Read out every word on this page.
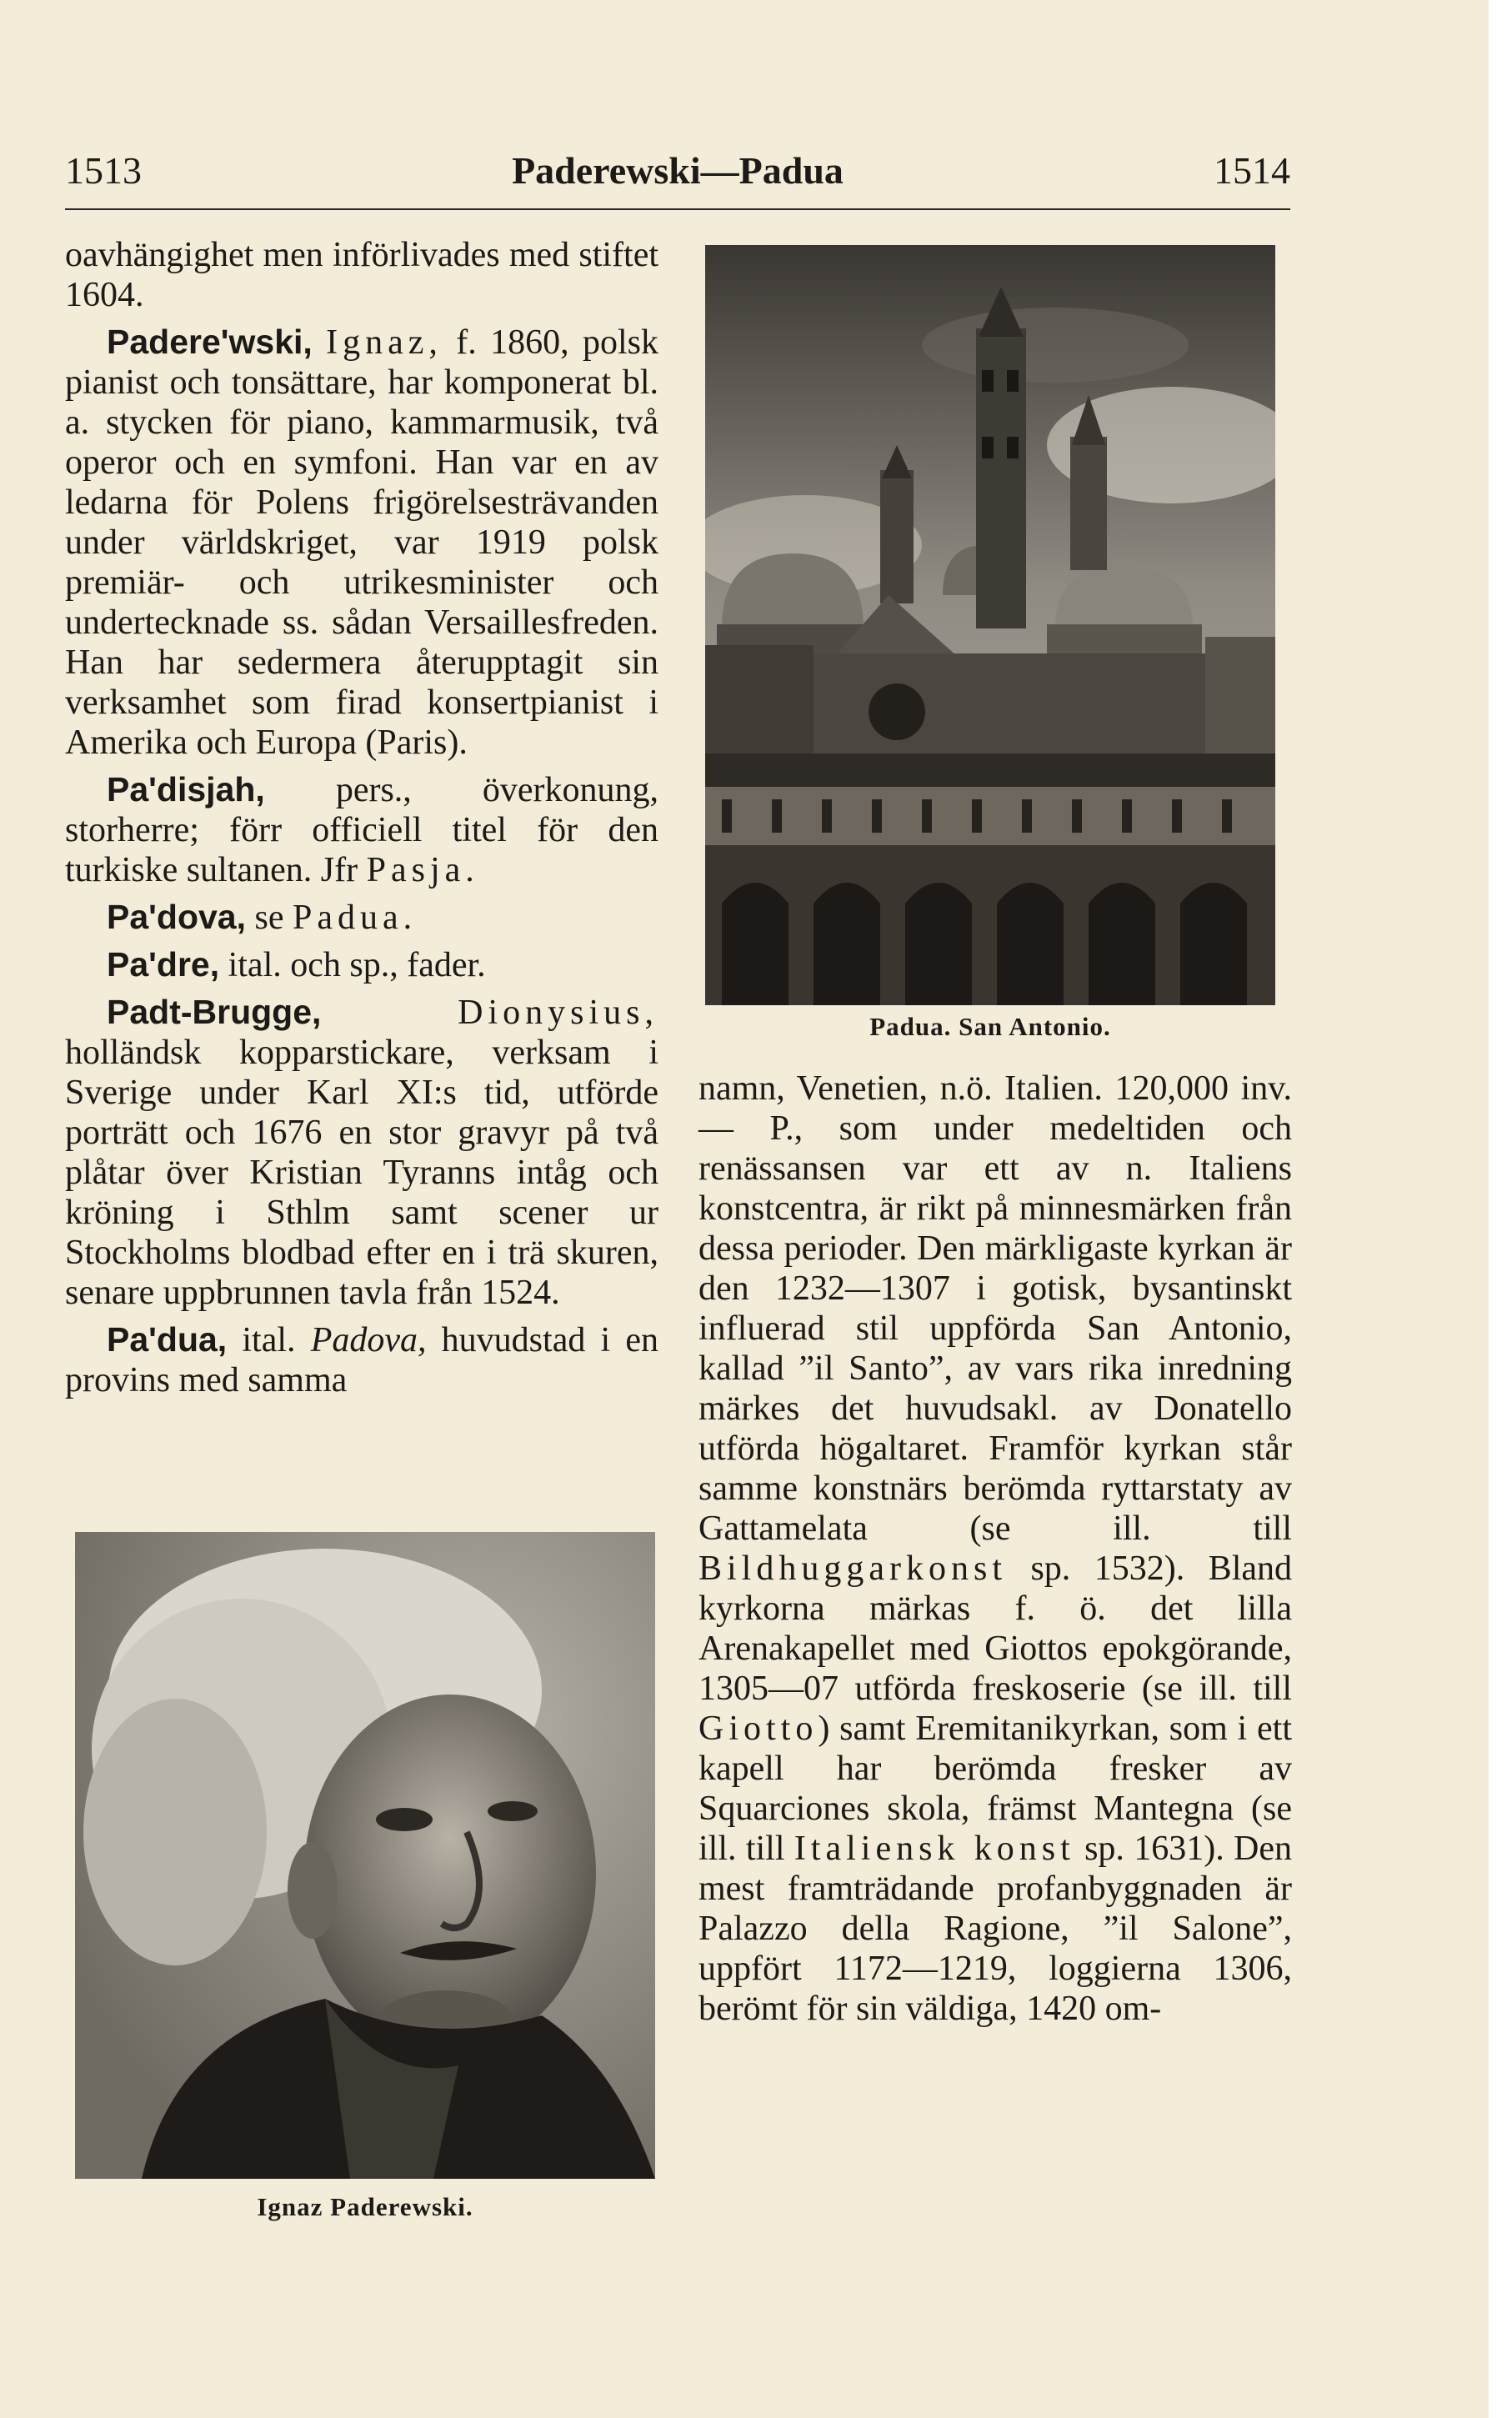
Paderewski—Padua
1513	1514

oavhängighet men införlivades med stiftet 1604.

Padere'wski, Ignaz, f. 1860, polsk pianist och tonsättare, har komponerat bl. a. stycken för piano, kammarmusik, två operor och en symfoni. Han var en av ledarna för Polens frigörelsesträvanden under världskriget, var 1919 polsk premiär- och utrikesminister och undertecknade ss. sådan Versaillesfreden. Han har sedermera återupptagit sin verksamhet som firad konsertpianist i Amerika och Europa (Paris).

Pa'disjah, pers., överkonung, storherre; förr officiell titel för den turkiske sultanen. Jfr Pasja.

Pa'dova, se Padua.

Pa'dre, ital. och sp., fader.

Padt-Brugge,	Dionysius, holländsk kopparstickare, verksam i Sverige under Karl XI:s tid, utförde porträtt och 1676 en stor gravyr på två plåtar över Kristian Tyranns intåg och kröning i Sthlm samt scener ur Stockholms blodbad efter en i trä skuren, senare uppbrunnen tavla från 1524.

Pa'dua, ital. Padova, huvudstad i en provins med samma

Padua. San Antonio.

namn, Venetien, n.ö. Italien. 120,000 inv. — P., som under medeltiden och renässansen var ett av n. Italiens konstcentra, är rikt på minnesmärken från dessa perioder. Den märkligaste kyrkan är den 1232—1307 i gotisk, bysantinskt influerad stil uppförda San Antonio, kallad ”il Santo”, av vars rika inredning märkes det huvudsakl. av Donatello utförda högaltaret. Framför kyrkan står samme konstnärs berömda ryttarstaty av Gattamelata (se ill. till Bildhuggarkonst sp. 1532). Bland kyrkorna märkas f. ö. det lilla Arenakapellet med Giottos epokgörande, 1305—07 utförda freskoserie (se ill. till Giotto) samt Eremitanikyrkan, som i ett kapell har berömda fresker av Squarciones skola, främst Mantegna (se ill. till Italiensk konst sp. 1631). Den mest framträdande profanbyggnaden är Palazzo della Ragione, ”il Salone”, uppfört 1172—1219, loggierna 1306, berömt för sin väldiga, 1420 om-

Ignaz Paderewski.
